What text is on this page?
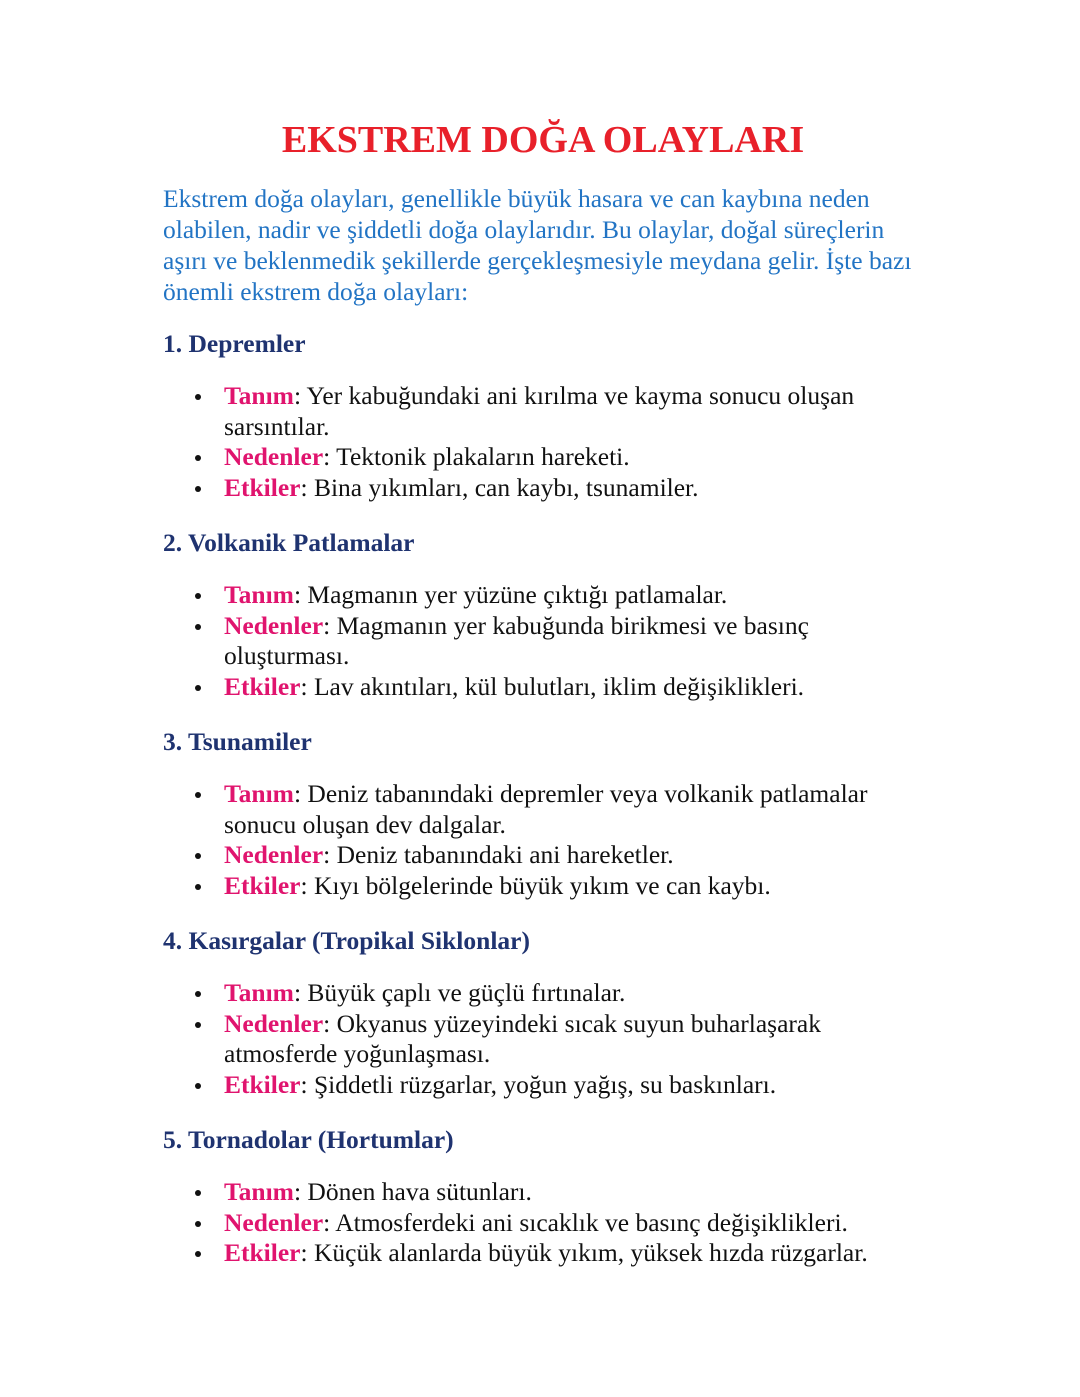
EKSTREM DOĞA OLAYLARI

Ekstrem doğa olayları, genellikle büyük hasara ve can kaybına neden olabilen, nadir ve şiddetli doğa olaylarıdır. Bu olaylar, doğal süreçlerin aşırı ve beklenmedik şekillerde gerçekleşmesiyle meydana gelir. İşte bazı önemli ekstrem doğa olayları:

1. Depremler
Tanım: Yer kabuğundaki ani kırılma ve kayma sonucu oluşan sarsıntılar.
Nedenler: Tektonik plakaların hareketi.
Etkiler: Bina yıkımları, can kaybı, tsunamiler.
2. Volkanik Patlamalar
Tanım: Magmanın yer yüzüne çıktığı patlamalar.
Nedenler: Magmanın yer kabuğunda birikmesi ve basınç oluşturması.
Etkiler: Lav akıntıları, kül bulutları, iklim değişiklikleri.
3. Tsunamiler
Tanım: Deniz tabanındaki depremler veya volkanik patlamalar sonucu oluşan dev dalgalar.
Nedenler: Deniz tabanındaki ani hareketler.
Etkiler: Kıyı bölgelerinde büyük yıkım ve can kaybı.
4. Kasırgalar (Tropikal Siklonlar)
Tanım: Büyük çaplı ve güçlü fırtınalar.
Nedenler: Okyanus yüzeyindeki sıcak suyun buharlaşarak atmosferde yoğunlaşması.
Etkiler: Şiddetli rüzgarlar, yoğun yağış, su baskınları.
5. Tornadolar (Hortumlar)
Tanım: Dönen hava sütunları.
Nedenler: Atmosferdeki ani sıcaklık ve basınç değişiklikleri.
Etkiler: Küçük alanlarda büyük yıkım, yüksek hızda rüzgarlar.
